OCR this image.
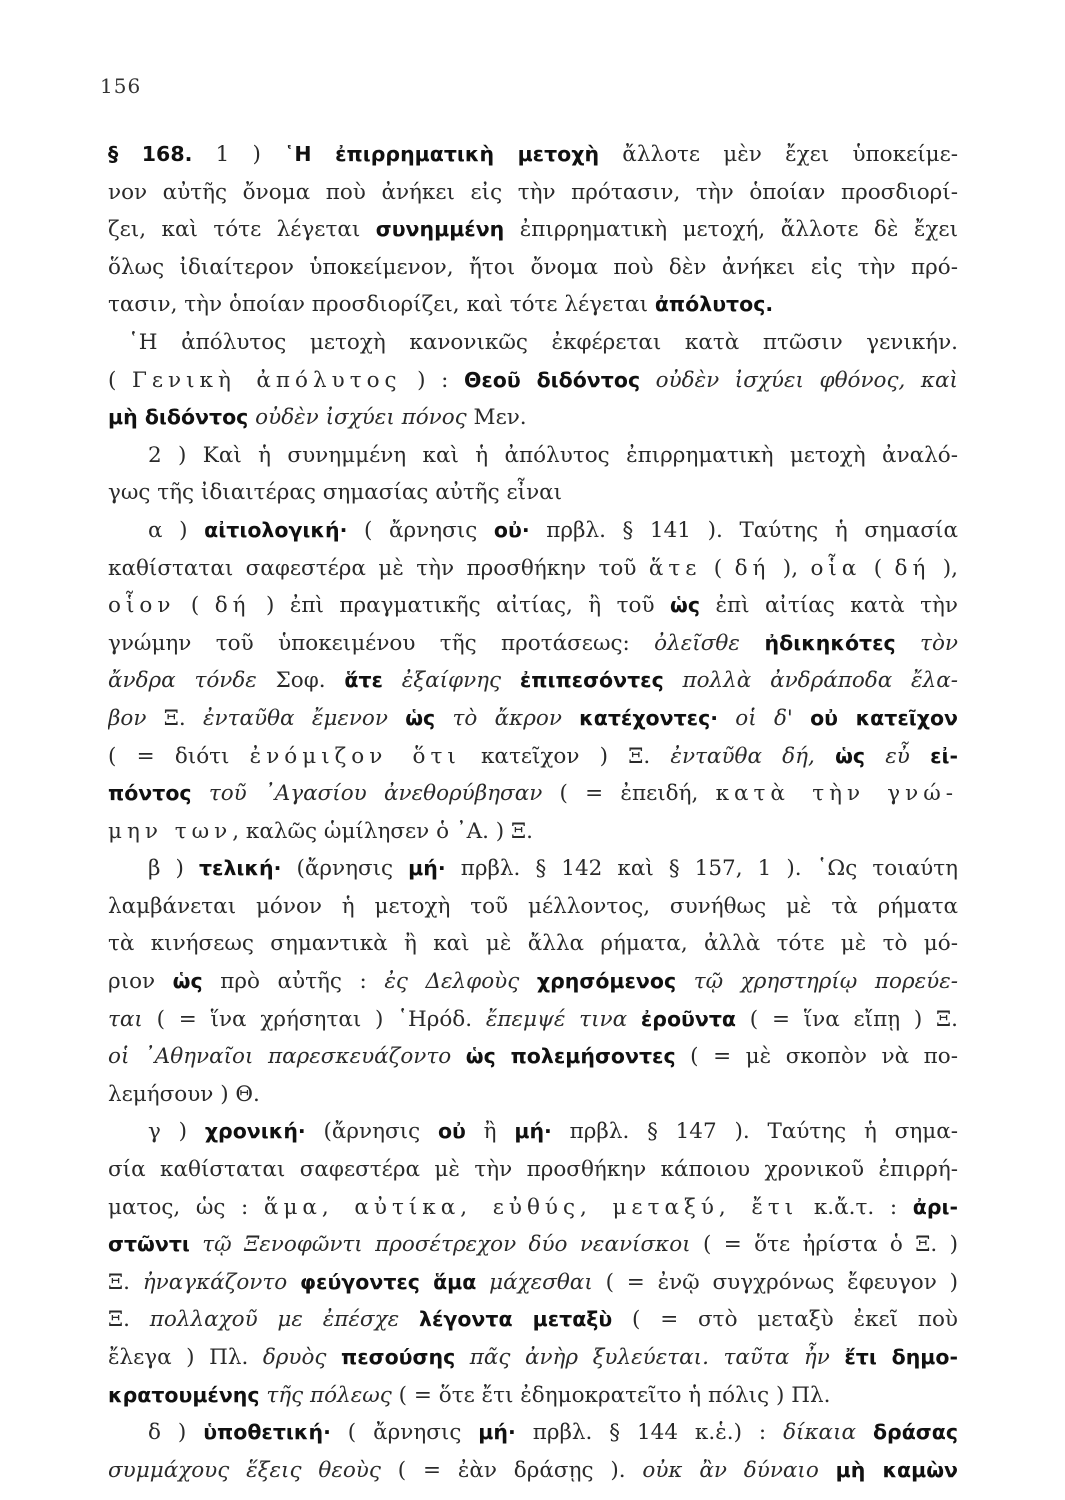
156
§ 168. 1 ) ῾Η ἐπιρρηματικὴ μετοχὴ ἄλλοτε μὲν ἔχει ὑποκείμε-
νον αὐτῆς ὄνομα ποὺ ἀνήκει εἰς τὴν πρότασιν, τὴν ὁποίαν προσδιορί-
ζει, καὶ τότε λέγεται συνημμένη ἐπιρρηματικὴ μετοχή, ἄλλοτε δὲ ἔχει
ὅλως ἰδιαίτερον ὑποκείμενον, ἤτοι ὄνομα ποὺ δὲν ἀνήκει εἰς τὴν πρό-
τασιν, τὴν ὁποίαν προσδιορίζει, καὶ τότε λέγεται ἀπόλυτος.
῾Η ἀπόλυτος μετοχὴ κανονικῶς ἐκφέρεται κατὰ πτῶσιν γενικήν.
( Γενικὴ ἀπόλυτος ) : Θεοῦ διδόντος οὐδὲν ἰσχύει φθόνος, καὶ
μὴ διδόντος οὐδὲν ἰσχύει πόνος Μεν.
2 ) Καὶ ἡ συνημμένη καὶ ἡ ἀπόλυτος ἐπιρρηματικὴ μετοχὴ ἀναλό-
γως τῆς ἰδιαιτέρας σημασίας αὐτῆς εἶναι
α ) αἰτιολογική· ( ἄρνησις οὐ· πρβλ. § 141 ). Ταύτης ἡ σημασία
καθίσταται σαφεστέρα μὲ τὴν προσθήκην τοῦ ἅτε ( δή ), οἷα ( δή ),
οἷον ( δή ) ἐπὶ πραγματικῆς αἰτίας, ἢ τοῦ ὡς ἐπὶ αἰτίας κατὰ τὴν
γνώμην τοῦ ὑποκειμένου τῆς προτάσεως: ὀλεῖσθε ἠδικηκότες τὸν
ἄνδρα τόνδε Σοφ. ἅτε ἐξαίφνης ἐπιπεσόντες πολλὰ ἀνδράποδα ἔλα-
βον Ξ. ἐνταῦθα ἔμενον ὡς τὸ ἄκρον κατέχοντες· οἱ δ' οὐ κατεῖχον
( = διότι ἐνόμιζον ὅτι κατεῖχον ) Ξ. ἐνταῦθα δή, ὡς εὖ εἰ-
πόντος τοῦ ᾿Αγασίου ἀνεθορύβησαν ( = ἐπειδή, κατὰ τὴν γνώ-
μην των, καλῶς ὡμίλησεν ὁ ᾿Α. ) Ξ.
β ) τελική· (ἄρνησις μή· πρβλ. § 142 καὶ § 157, 1 ). ῾Ως τοιαύτη
λαμβάνεται μόνον ἡ μετοχὴ τοῦ μέλλοντος, συνήθως μὲ τὰ ρήματα
τὰ κινήσεως σημαντικὰ ἢ καὶ μὲ ἄλλα ρήματα, ἀλλὰ τότε μὲ τὸ μό-
ριον ὡς πρὸ αὐτῆς : ἐς Δελφοὺς χρησόμενος τῷ χρηστηρίῳ πορεύε-
ται ( = ἵνα χρήσηται ) ῾Ηρόδ. ἔπεμψέ τινα ἐροῦντα ( = ἵνα εἴπῃ ) Ξ.
οἱ ᾿Αθηναῖοι παρεσκευάζοντο ὡς πολεμήσοντες ( = μὲ σκοπὸν νὰ πο-
λεμήσουν ) Θ.
γ ) χρονική· (ἄρνησις οὐ ἢ μή· πρβλ. § 147 ). Ταύτης ἡ σημα-
σία καθίσταται σαφεστέρα μὲ τὴν προσθήκην κάποιου χρονικοῦ ἐπιρρή-
ματος, ὡς : ἅμα, αὐτίκα, εὐθύς, μεταξύ, ἔτι κ.ἄ.τ. : ἀρι-
στῶντι τῷ Ξενοφῶντι προσέτρεχον δύο νεανίσκοι ( = ὅτε ἠρίστα ὁ Ξ. )
Ξ. ἠναγκάζοντο φεύγοντες ἅμα μάχεσθαι ( = ἐνῷ συγχρόνως ἔφευγον )
Ξ. πολλαχοῦ με ἐπέσχε λέγοντα μεταξὺ ( = στὸ μεταξὺ ἐκεῖ ποὺ
ἔλεγα ) Πλ. δρυὸς πεσούσης πᾶς ἀνὴρ ξυλεύεται. ταῦτα ἦν ἔτι δημο-
κρατουμένης τῆς πόλεως ( = ὅτε ἔτι ἐδημοκρατεῖτο ἡ πόλις ) Πλ.
δ ) ὑποθετική· ( ἄρνησις μή· πρβλ. § 144 κ.ἑ.) : δίκαια δράσας
συμμάχους ἕξεις θεοὺς ( = ἐὰν δράσῃς ). οὐκ ἂν δύναιο μὴ καμὼν
